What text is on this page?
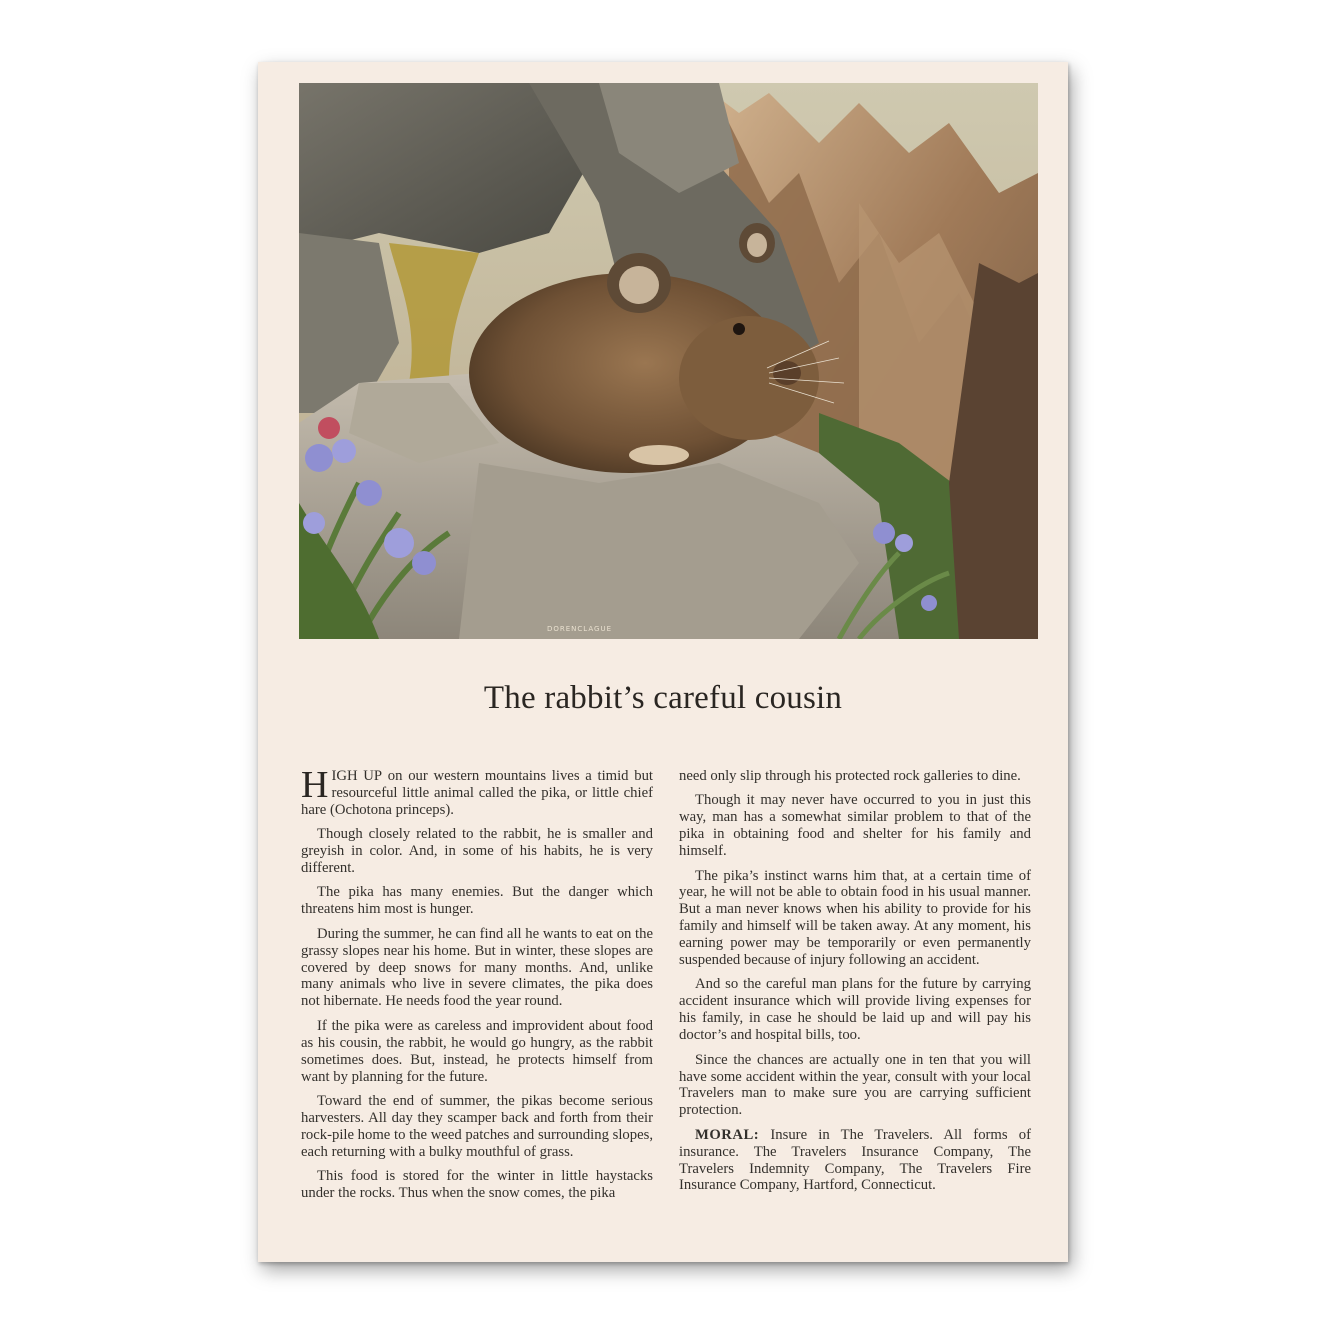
DORENCLAGUE
The rabbit’s careful cousin

HIGH UP on our western mountains lives a timid but resourceful little animal called the pika, or little chief hare (Ochotona princeps).

Though closely related to the rabbit, he is smaller and greyish in color. And, in some of his habits, he is very different.

The pika has many enemies. But the danger which threatens him most is hunger.

During the summer, he can find all he wants to eat on the grassy slopes near his home. But in winter, these slopes are covered by deep snows for many months. And, unlike many animals who live in severe climates, the pika does not hibernate. He needs food the year round.

If the pika were as careless and improvident about food as his cousin, the rabbit, he would go hungry, as the rabbit sometimes does. But, instead, he protects himself from want by planning for the future.

Toward the end of summer, the pikas become serious harvesters. All day they scamper back and forth from their rock-pile home to the weed patches and surrounding slopes, each returning with a bulky mouthful of grass.

This food is stored for the winter in little haystacks under the rocks. Thus when the snow comes, the pika

need only slip through his protected rock galleries to dine.

Though it may never have occurred to you in just this way, man has a somewhat similar problem to that of the pika in obtaining food and shelter for his family and himself.

The pika’s instinct warns him that, at a certain time of year, he will not be able to obtain food in his usual manner. But a man never knows when his ability to provide for his family and himself will be taken away. At any moment, his earning power may be temporarily or even permanently suspended because of injury following an accident.

And so the careful man plans for the future by carrying accident insurance which will provide living expenses for his family, in case he should be laid up and will pay his doctor’s and hospital bills, too.

Since the chances are actually one in ten that you will have some accident within the year, consult with your local Travelers man to make sure you are carrying sufficient protection.

MORAL: Insure in The Travelers. All forms of insurance. The Travelers Insurance Company, The Travelers Indemnity Company, The Travelers Fire Insurance Company, Hartford, Connecticut.
